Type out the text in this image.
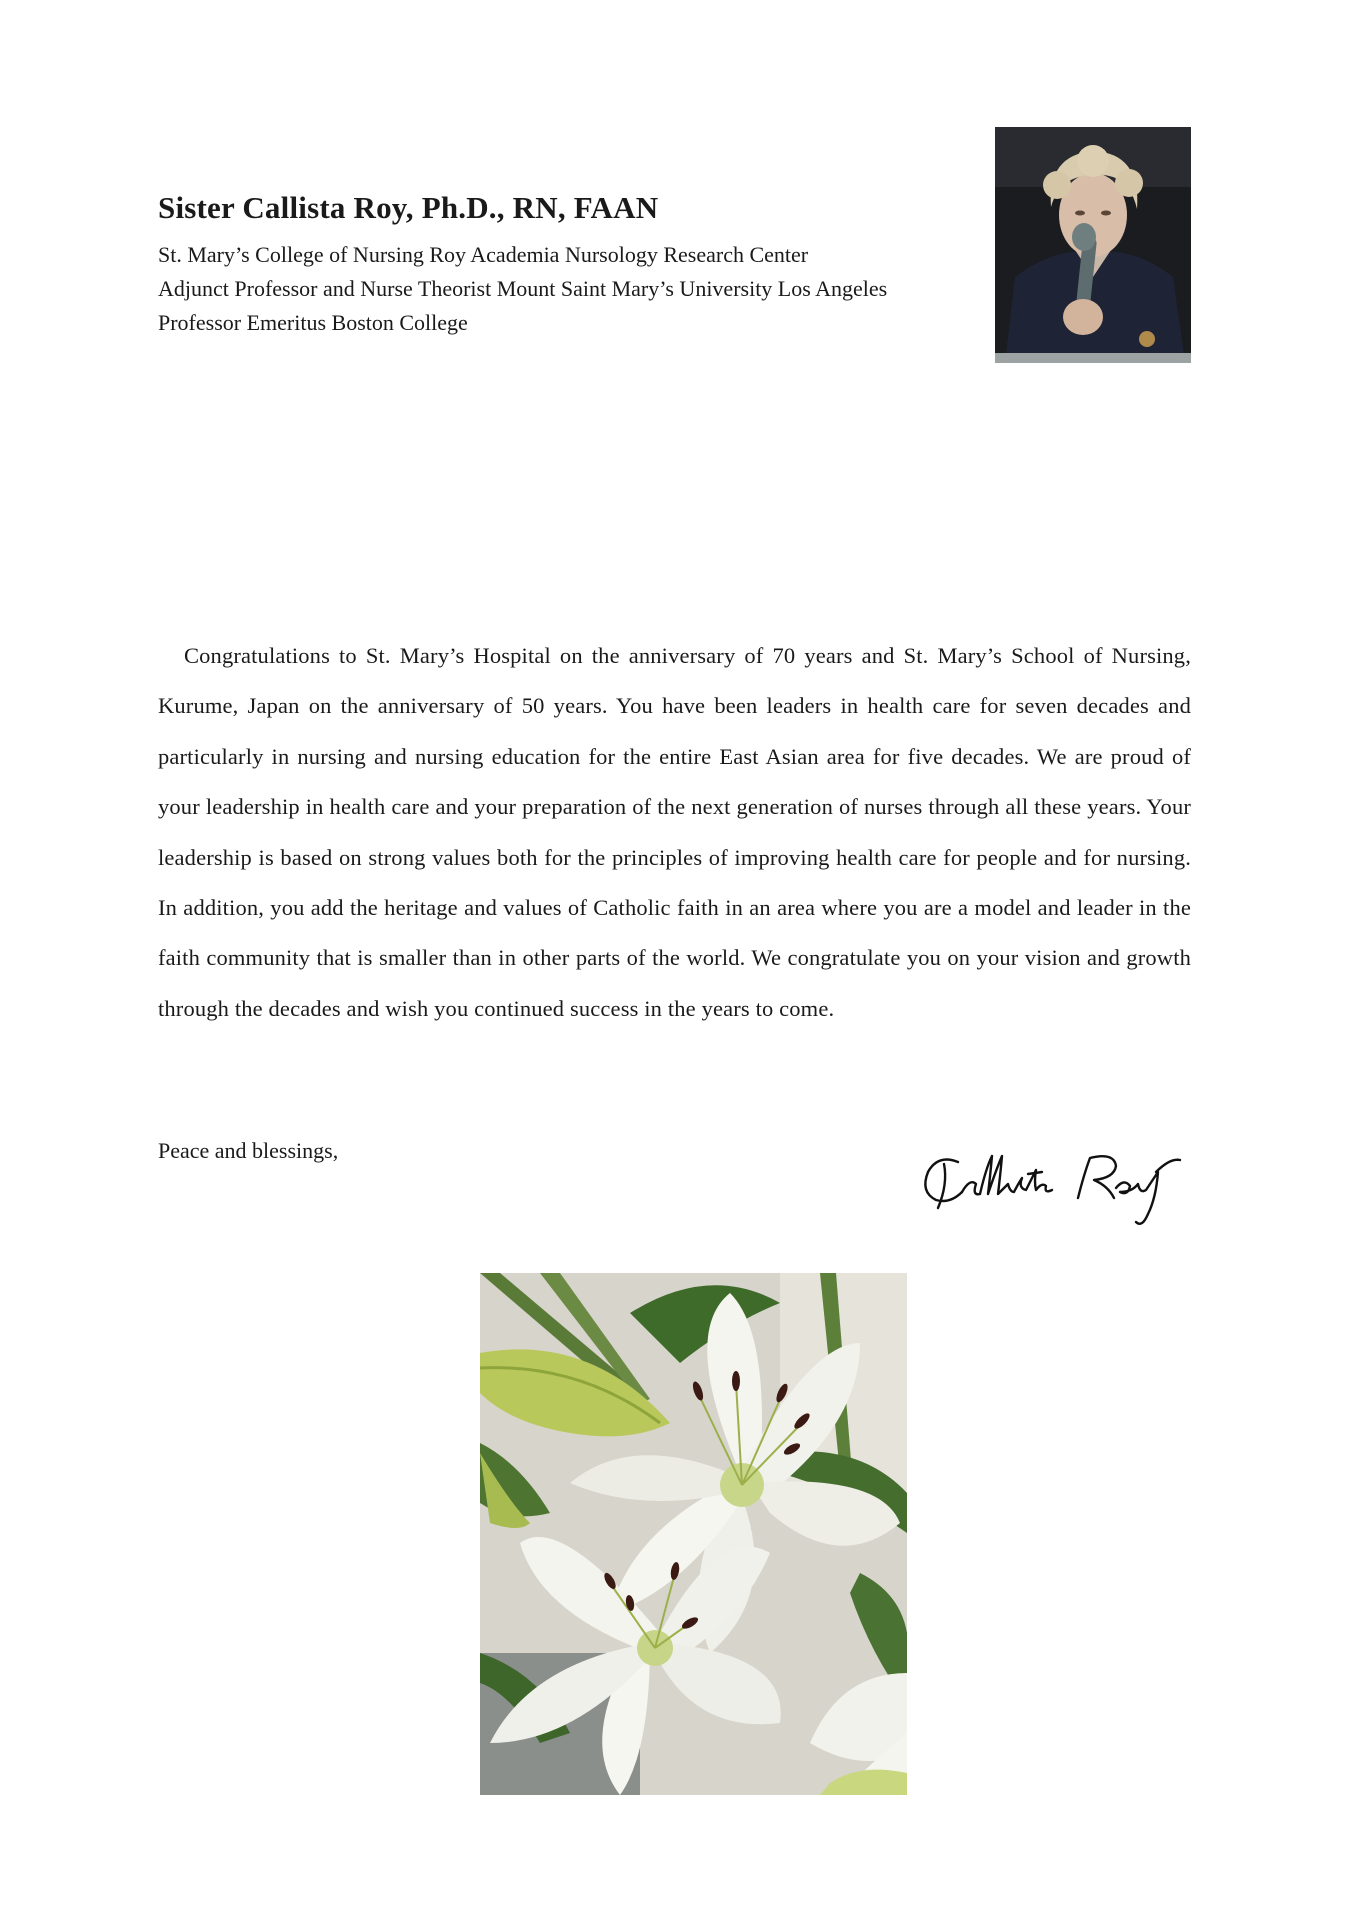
Sister Callista Roy, Ph.D., RN, FAAN
St. Mary’s College of Nursing Roy Academia Nursology Research Center
Adjunct Professor and Nurse Theorist Mount Saint Mary’s University Los Angeles
Professor Emeritus Boston College

Congratulations to St. Mary’s Hospital on the anniversary of 70 years and St. Mary’s School of Nursing, Kurume, Japan on the anniversary of 50 years. You have been leaders in health care for seven decades and particularly in nursing and nursing education for the entire East Asian area for five decades. We are proud of your leadership in health care and your preparation of the next generation of nurses through all these years. Your leadership is based on strong values both for the principles of improving health care for people and for nursing. In addition, you add the heritage and values of Catholic faith in an area where you are a model and leader in the faith community that is smaller than in other parts of the world. We congratulate you on your vision and growth through the decades and wish you continued success in the years to come.

Peace and blessings,
